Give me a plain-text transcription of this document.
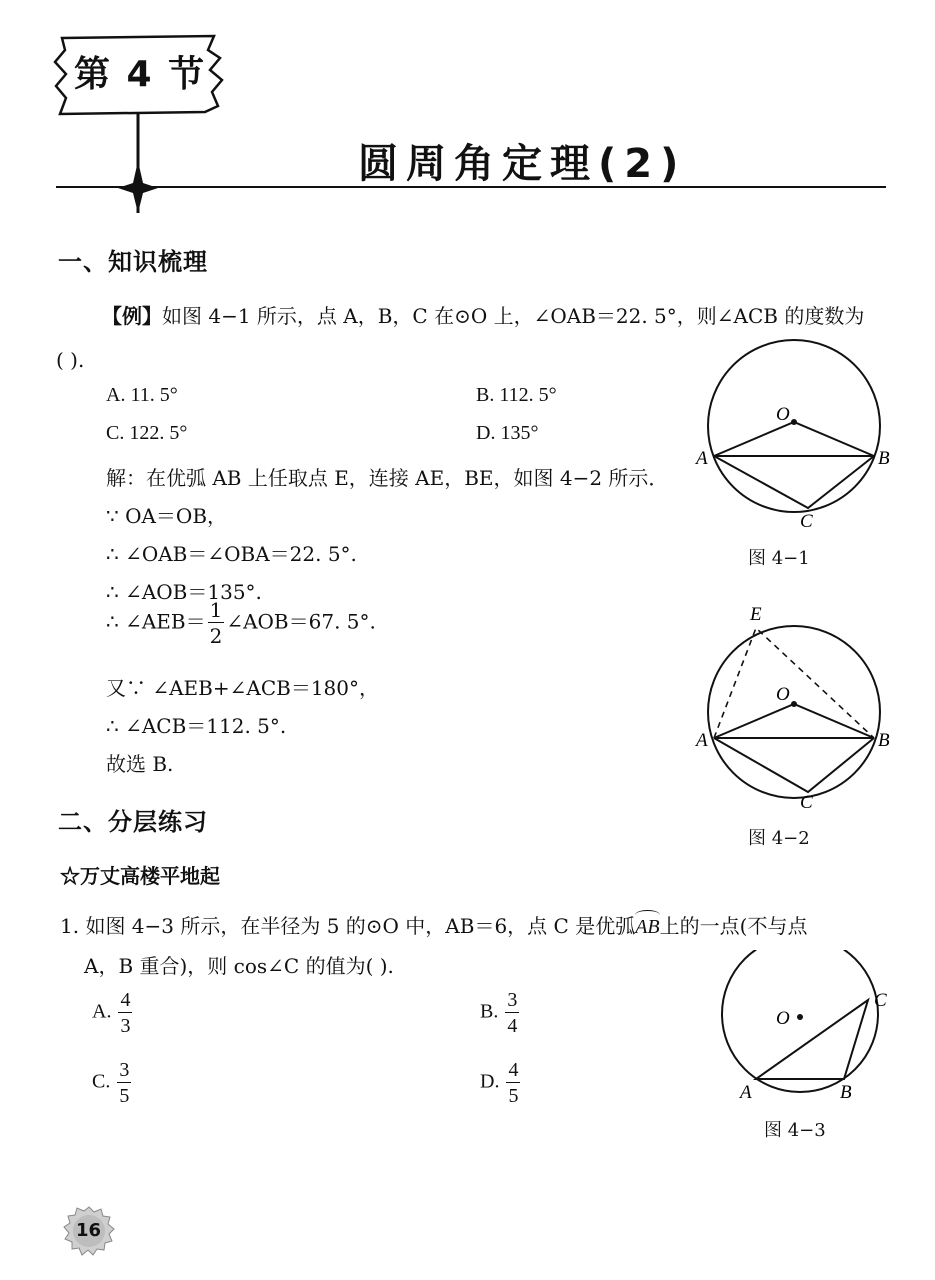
第 4 节
圆周角定理(2)
一、知识梳理
【例】如图 4−1 所示，点 A，B，C 在⊙O 上，∠OAB＝22. 5°，则∠ACB 的度数为
( ).
A. 11. 5°	B. 112. 5°
C. 122. 5°	D. 135°
解：在优弧 AB 上任取点 E，连接 AE，BE，如图 4−2 所示．
∵ OA＝OB，
∴ ∠OAB＝∠OBA＝22. 5°.
∴ ∠AOB＝135°.
∴ ∠AEB＝ $\frac{1}{2}$ ∠AOB＝67. 5°.
又∵ ∠AEB+∠ACB＝180°，
∴ ∠ACB＝112. 5°.
故选 B.
二、分层练习
☆万丈高楼平地起
1. 如图 4−3 所示，在半径为 5 的⊙O 中，AB＝6，点 C 是优弧AB上的一点(不与点
A，B 重合)，则 cos∠C 的值为( ).
A. $\frac{4}{3}$	B. $\frac{3}{4}$
C. $\frac{3}{5}$	D. $\frac{4}{5}$
O
A	B
C
图 4−1
E
O
A	B
C
图 4−2
C
O
A	B
图 4−3
16
